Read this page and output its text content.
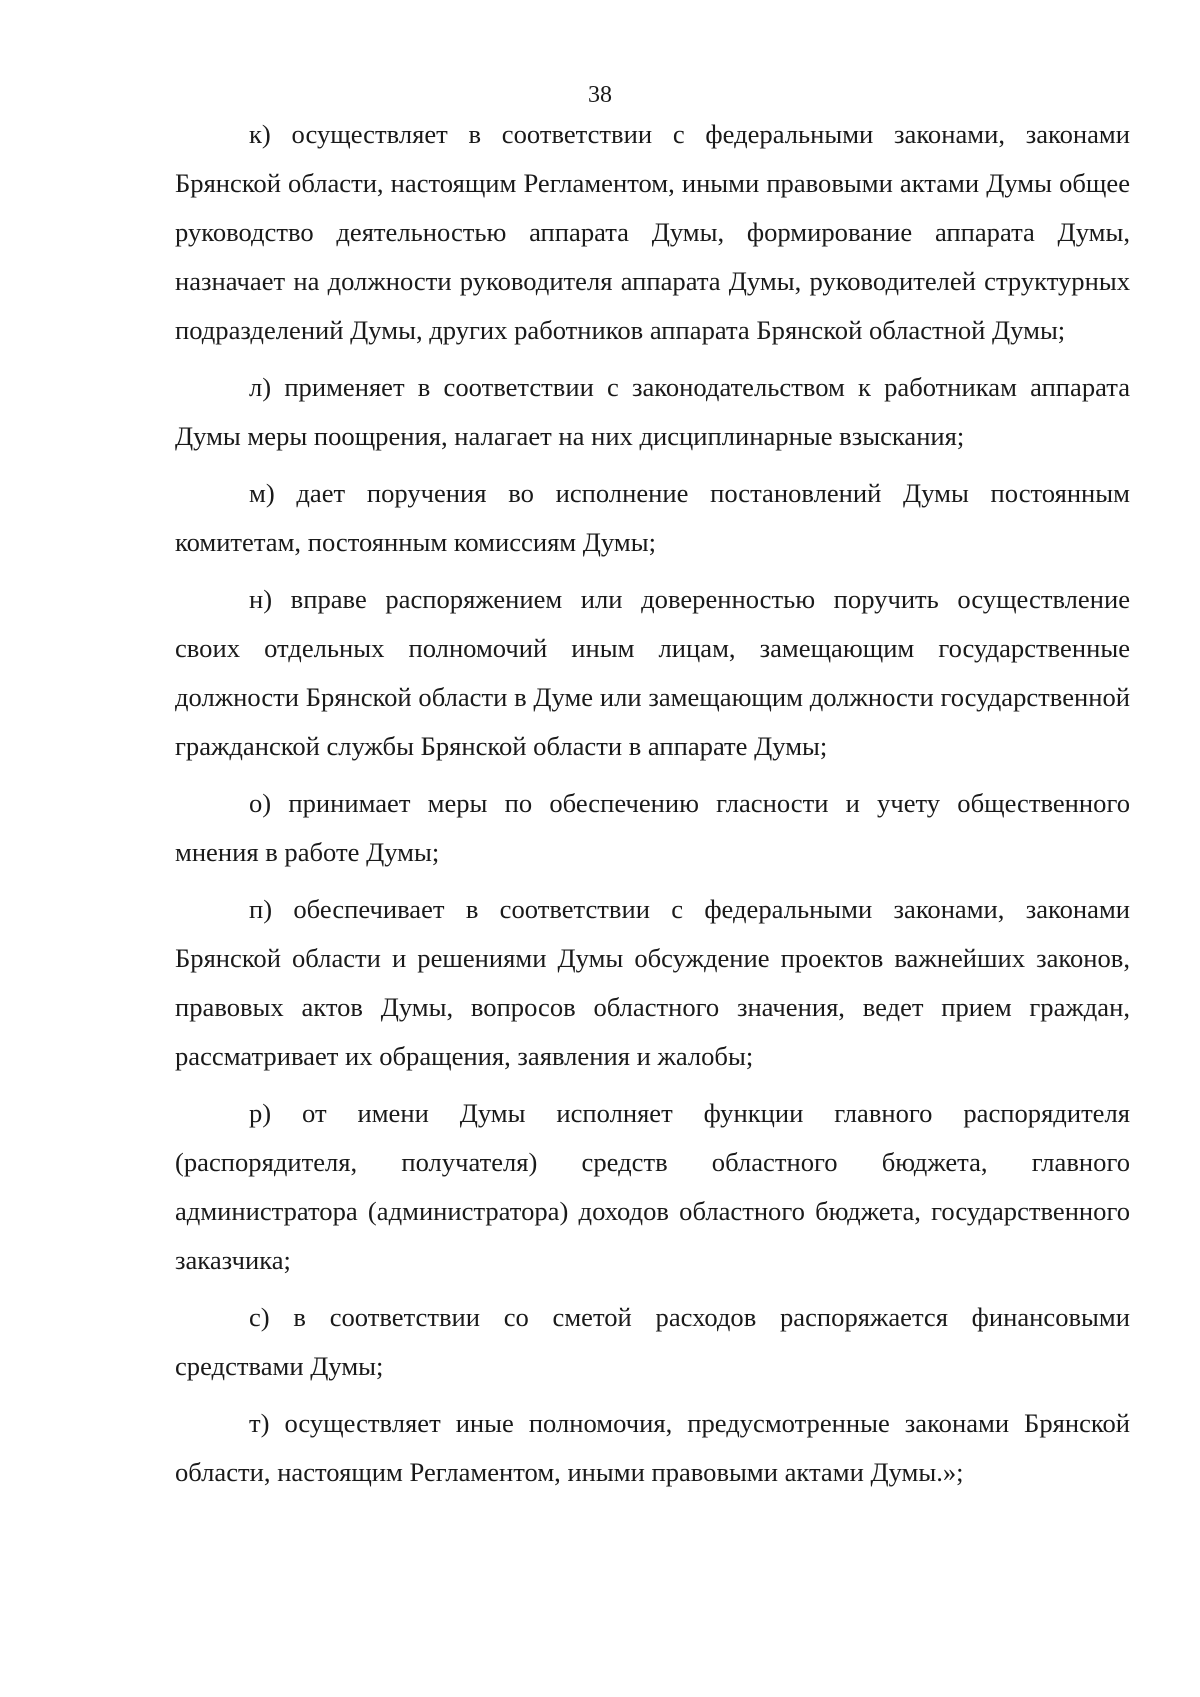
38

к) осуществляет в соответствии с федеральными законами, законами Брянской области, настоящим Регламентом, иными правовыми актами Думы общее руководство деятельностью аппарата Думы, формирование аппарата Думы, назначает на должности руководителя аппарата Думы, руководителей структурных подразделений Думы, других работников аппарата Брянской областной Думы;

л) применяет в соответствии с законодательством к работникам аппарата Думы меры поощрения, налагает на них дисциплинарные взыскания;

м) дает поручения во исполнение постановлений Думы постоянным комитетам, постоянным комиссиям Думы;

н) вправе распоряжением или доверенностью поручить осуществление своих отдельных полномочий иным лицам, замещающим государственные должности Брянской области в Думе или замещающим должности государственной гражданской службы Брянской области в аппарате Думы;

о) принимает меры по обеспечению гласности и учету общественного мнения в работе Думы;

п) обеспечивает в соответствии с федеральными законами, законами Брянской области и решениями Думы обсуждение проектов важнейших законов, правовых актов Думы, вопросов областного значения, ведет прием граждан, рассматривает их обращения, заявления и жалобы;

р) от имени Думы исполняет функции главного распорядителя (распорядителя, получателя) средств областного бюджета, главного администратора (администратора) доходов областного бюджета, государственного заказчика;

с) в соответствии со сметой расходов распоряжается финансовыми средствами Думы;

т) осуществляет иные полномочия, предусмотренные законами Брянской области, настоящим Регламентом, иными правовыми актами Думы.»;
